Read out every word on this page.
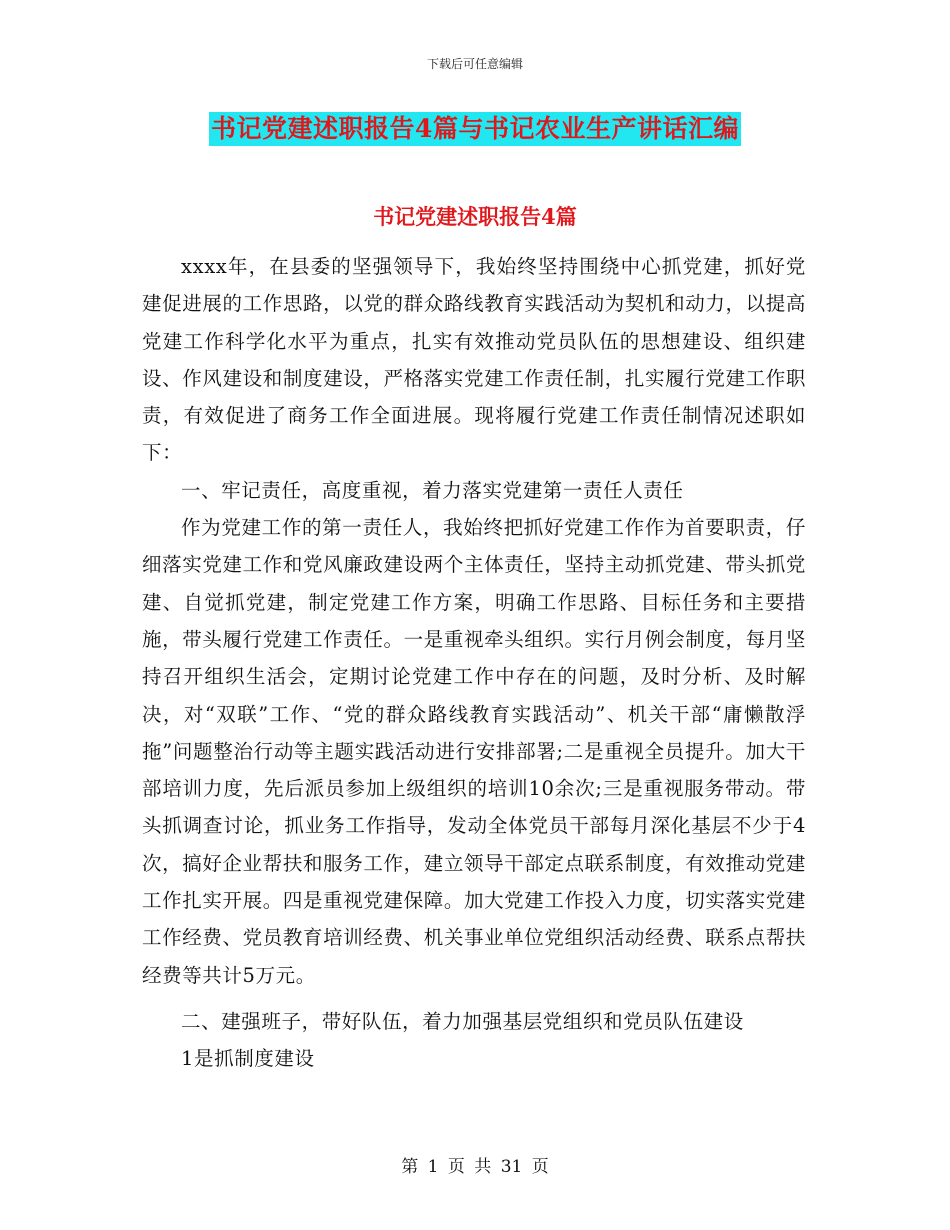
下载后可任意编辑
书记党建述职报告4篇与书记农业生产讲话汇编
书记党建述职报告4篇

xxxx年，在县委的坚强领导下，我始终坚持围绕中心抓党建，抓好党建促进展的工作思路，以党的群众路线教育实践活动为契机和动力，以提高党建工作科学化水平为重点，扎实有效推动党员队伍的思想建设、组织建设、作风建设和制度建设，严格落实党建工作责任制，扎实履行党建工作职责，有效促进了商务工作全面进展。现将履行党建工作责任制情况述职如下：

一、牢记责任，高度重视，着力落实党建第一责任人责任

作为党建工作的第一责任人，我始终把抓好党建工作作为首要职责，仔细落实党建工作和党风廉政建设两个主体责任，坚持主动抓党建、带头抓党建、自觉抓党建，制定党建工作方案，明确工作思路、目标任务和主要措施，带头履行党建工作责任。一是重视牵头组织。实行月例会制度，每月坚持召开组织生活会，定期讨论党建工作中存在的问题，及时分析、及时解决，对“双联”工作、“党的群众路线教育实践活动”、机关干部“庸懒散浮拖”问题整治行动等主题实践活动进行安排部署;二是重视全员提升。加大干部培训力度，先后派员参加上级组织的培训10余次;三是重视服务带动。带头抓调查讨论，抓业务工作指导，发动全体党员干部每月深化基层不少于4次，搞好企业帮扶和服务工作，建立领导干部定点联系制度，有效推动党建工作扎实开展。四是重视党建保障。加大党建工作投入力度，切实落实党建工作经费、党员教育培训经费、机关事业单位党组织活动经费、联系点帮扶经费等共计5万元。

二、建强班子，带好队伍，着力加强基层党组织和党员队伍建设

1是抓制度建设

第 1 页 共 31 页
